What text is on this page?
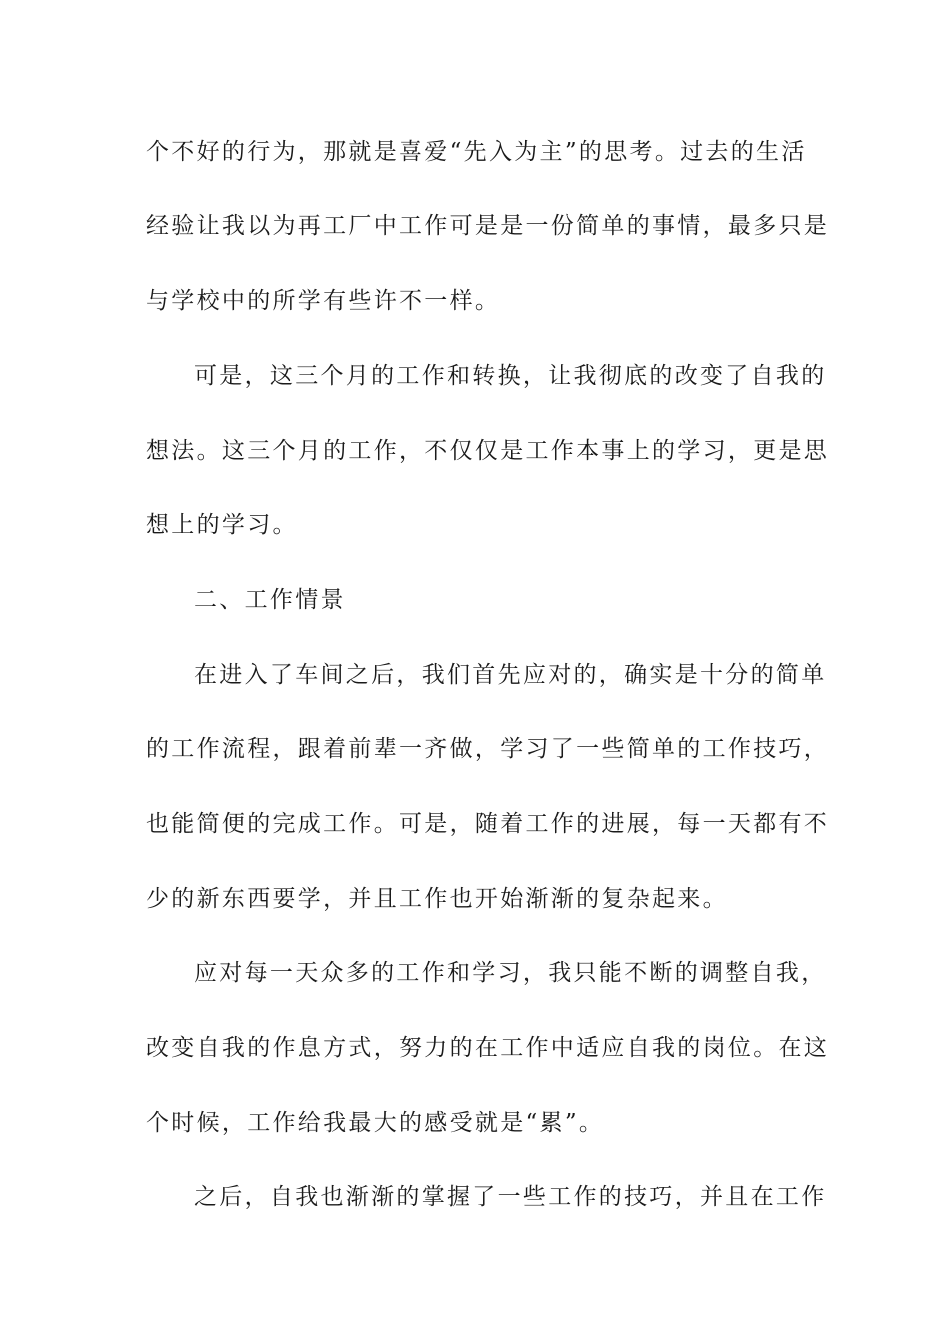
个不好的行为，那就是喜爱“先入为主”的思考。过去的生活
经验让我以为再工厂中工作可是是一份简单的事情，最多只是
与学校中的所学有些许不一样。
可是，这三个月的工作和转换，让我彻底的改变了自我的
想法。这三个月的工作，不仅仅是工作本事上的学习，更是思
想上的学习。
二、工作情景
在进入了车间之后，我们首先应对的，确实是十分的简单
的工作流程，跟着前辈一齐做，学习了一些简单的工作技巧，
也能简便的完成工作。可是，随着工作的进展，每一天都有不
少的新东西要学，并且工作也开始渐渐的复杂起来。
应对每一天众多的工作和学习，我只能不断的调整自我，
改变自我的作息方式，努力的在工作中适应自我的岗位。在这
个时候，工作给我最大的感受就是“累”。
之后，自我也渐渐的掌握了一些工作的技巧，并且在工作
